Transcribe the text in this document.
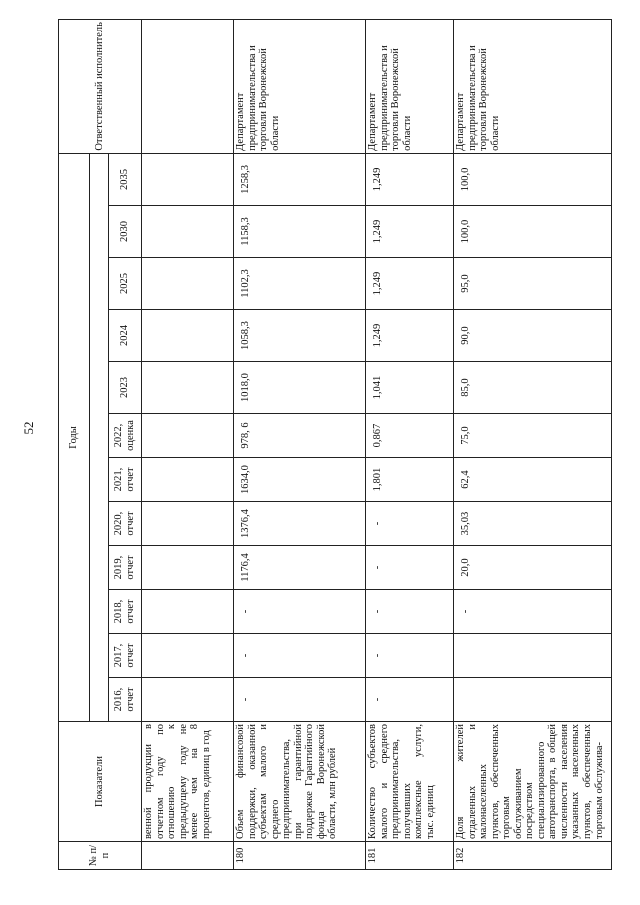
52
№ п/п	Показатели	Годы												Ответственный исполнитель

		2016, отчет	2017, отчет	2018, отчет	2019, отчет	2020, отчет	2021, отчет	2022, оценка	2023	2024	2025	2030	2035	
	венной продукции в отчетном году по отношению к предыдущему году не менее чем на 8 процентов, единиц в год													
180	Объем финансовой поддержки, оказанной субъектам малого и среднего предпринимательства, при гарантийной поддержке Гарантийного фонда Воронежской области, млн рублей	-	-	-	1176,4	1376,4	1634,0	978, 6	1018,0	1058,3	1102,3	1158,3	1258,3	Департамент предпринимательства и торговли Воронежской области
181	Количество субъектов малого и среднего предпринимательства, получивших комплексные услуги, тыс. единиц	-	-	-	-	-	1,801	0,867	1,041	1,249	1,249	1,249	1,249	Департамент предпринимательства и торговли Воронежской области
182	Доля жителей отдаленных и малонаселенных пунктов, обеспеченных торговым обслуживанием посредством специализированного автотранспорта, в общей численности населения указанных населенных пунктов, обеспеченных торговым обслужива-			-	20,0	35,03	62,4	75,0	85,0	90,0	95,0	100,0	100,0	Департамент предпринимательства и торговли Воронежской области
